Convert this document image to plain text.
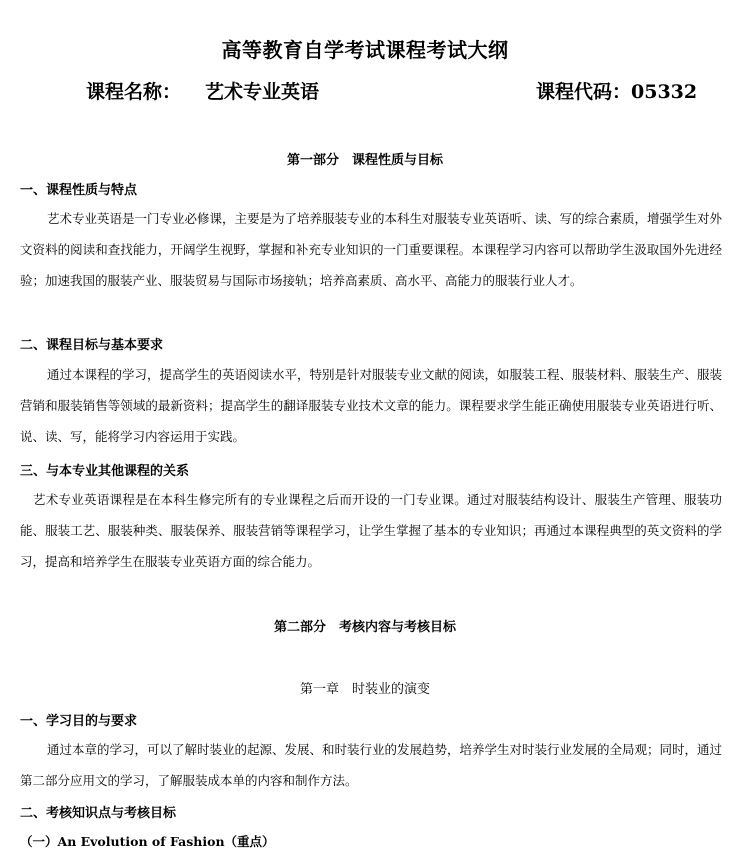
高等教育自学考试课程考试大纲
课程名称： 艺术专业英语	课程代码：05332
第一部分　课程性质与目标
一、课程性质与特点
艺术专业英语是一门专业必修课，主要是为了培养服装专业的本科生对服装专业英语听、读、写的综合素质，增强学生对外文资料的阅读和查找能力，开阔学生视野，掌握和补充专业知识的一门重要课程。本课程学习内容可以帮助学生汲取国外先进经验；加速我国的服装产业、服装贸易与国际市场接轨；培养高素质、高水平、高能力的服装行业人才。
二、课程目标与基本要求
通过本课程的学习，提高学生的英语阅读水平，特别是针对服装专业文献的阅读，如服装工程、服装材料、服装生产、服装营销和服装销售等领域的最新资料；提高学生的翻译服装专业技术文章的能力。课程要求学生能正确使用服装专业英语进行听、说、读、写，能将学习内容运用于实践。
三、与本专业其他课程的关系
艺术专业英语课程是在本科生修完所有的专业课程之后而开设的一门专业课。通过对服装结构设计、服装生产管理、服装功能、服装工艺、服装种类、服装保养、服装营销等课程学习，让学生掌握了基本的专业知识；再通过本课程典型的英文资料的学习，提高和培养学生在服装专业英语方面的综合能力。
第二部分　考核内容与考核目标
第一章　时装业的演变
一、学习目的与要求
通过本章的学习，可以了解时装业的起源、发展、和时装行业的发展趋势，培养学生对时装行业发展的全局观；同时，通过第二部分应用文的学习，了解服装成本单的内容和制作方法。
二、考核知识点与考核目标
（一）An Evolution of Fashion（重点）
